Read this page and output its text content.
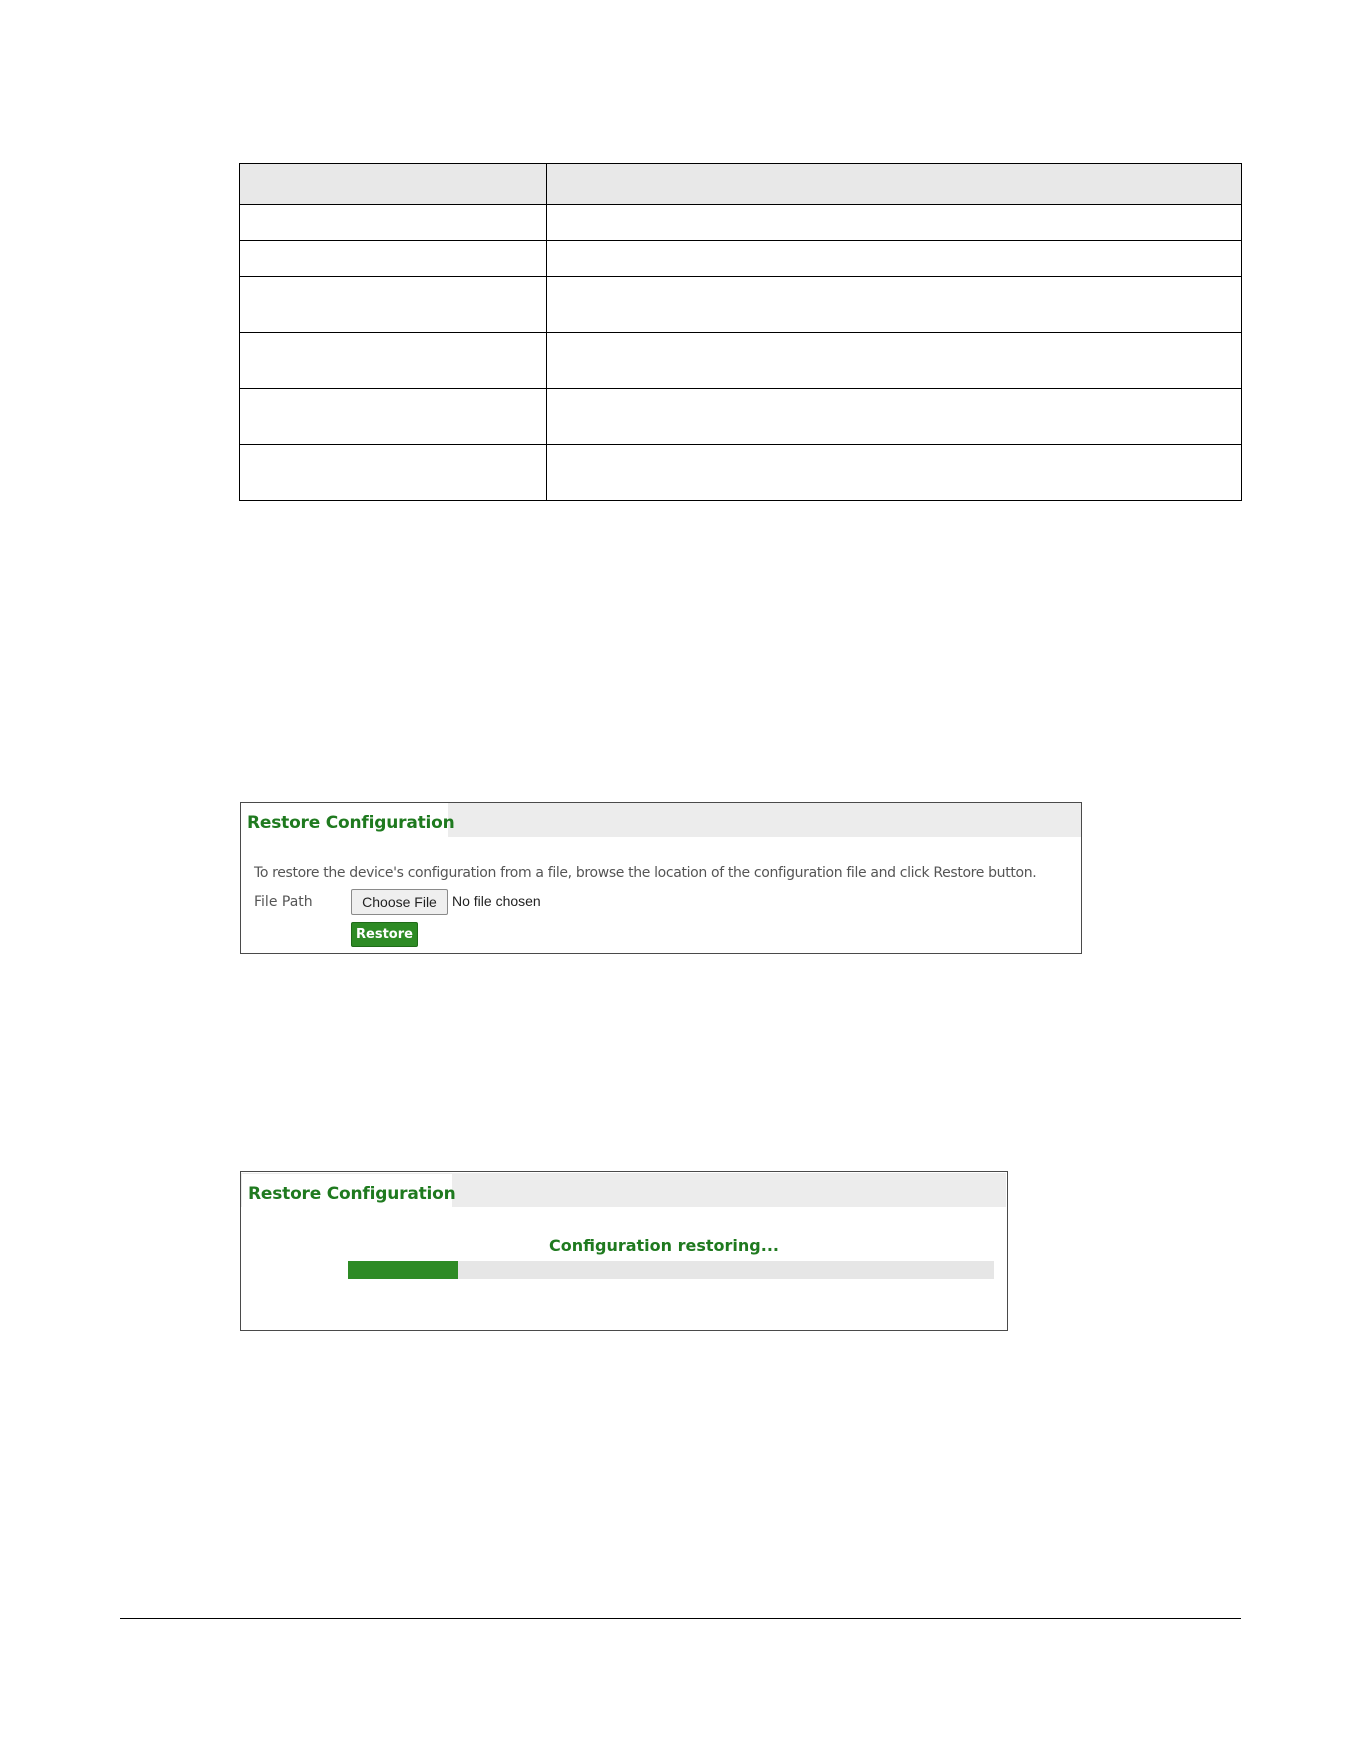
Restore Configuration
To restore the device's configuration from a file, browse the location of the configuration file and click Restore button.
File Path	Choose File	No file chosen
Restore
Restore Configuration
Configuration restoring...
